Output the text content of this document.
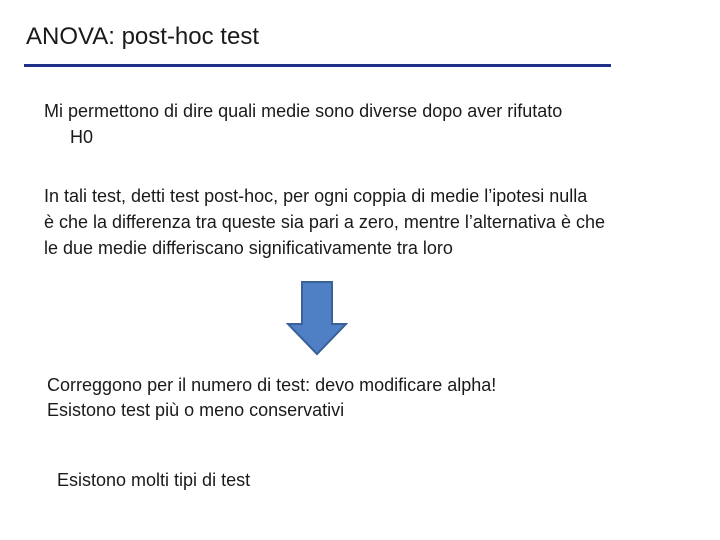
ANOVA: post-hoc test
Mi permettono di dire quali medie sono diverse dopo aver rifutato
H0
In tali test, detti test post-hoc, per ogni coppia di medie l’ipotesi nulla
è che la differenza tra queste sia pari a zero, mentre l’alternativa è che
le due medie differiscano significativamente tra loro
Correggono per il numero di test: devo modificare alpha!
Esistono test più o meno conservativi
Esistono molti tipi di test
